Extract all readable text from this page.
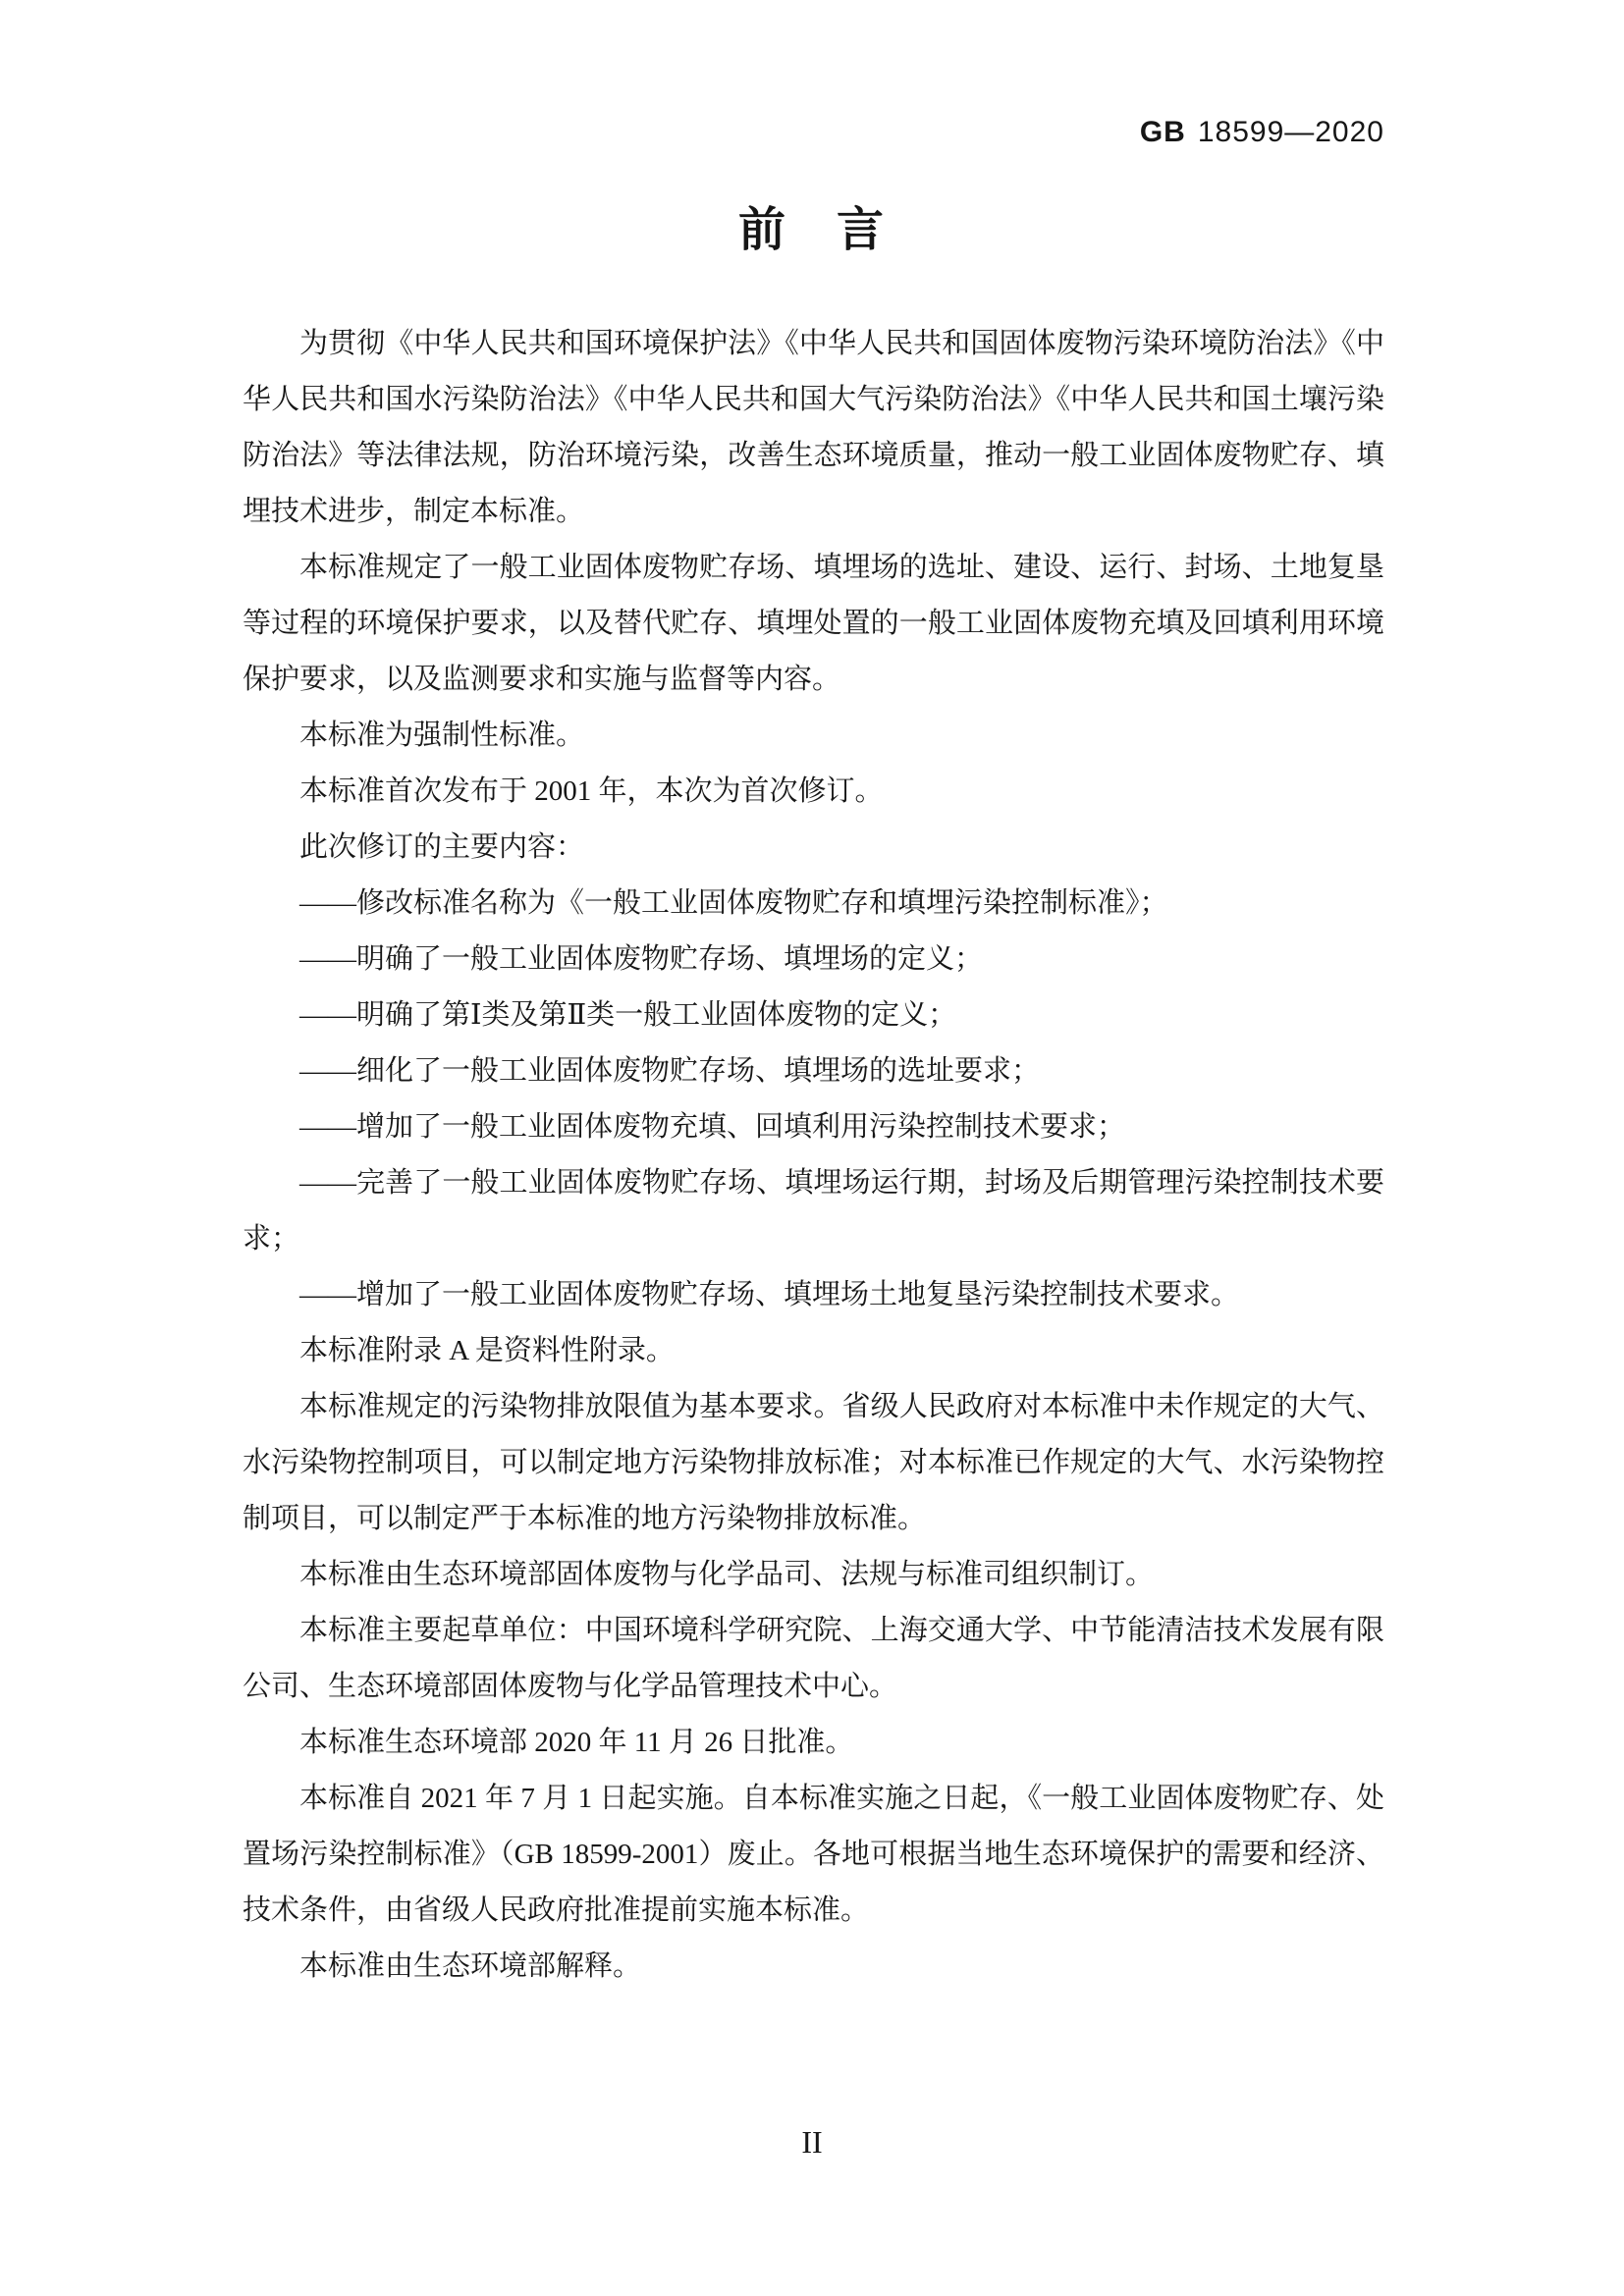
GB 18599—2020
前　言

为贯彻《中华人民共和国环境保护法》《中华人民共和国固体废物污染环境防治法》《中华人民共和国水污染防治法》《中华人民共和国大气污染防治法》《中华人民共和国土壤污染防治法》等法律法规，防治环境污染，改善生态环境质量，推动一般工业固体废物贮存、填埋技术进步，制定本标准。

本标准规定了一般工业固体废物贮存场、填埋场的选址、建设、运行、封场、土地复垦等过程的环境保护要求，以及替代贮存、填埋处置的一般工业固体废物充填及回填利用环境保护要求，以及监测要求和实施与监督等内容。

本标准为强制性标准。

本标准首次发布于 2001 年，本次为首次修订。

此次修订的主要内容：

——修改标准名称为《一般工业固体废物贮存和填埋污染控制标准》；

——明确了一般工业固体废物贮存场、填埋场的定义；

——明确了第Ⅰ类及第Ⅱ类一般工业固体废物的定义；

——细化了一般工业固体废物贮存场、填埋场的选址要求；

——增加了一般工业固体废物充填、回填利用污染控制技术要求；

——完善了一般工业固体废物贮存场、填埋场运行期，封场及后期管理污染控制技术要求；

——增加了一般工业固体废物贮存场、填埋场土地复垦污染控制技术要求。

本标准附录 A 是资料性附录。

本标准规定的污染物排放限值为基本要求。省级人民政府对本标准中未作规定的大气、水污染物控制项目，可以制定地方污染物排放标准；对本标准已作规定的大气、水污染物控制项目，可以制定严于本标准的地方污染物排放标准。

本标准由生态环境部固体废物与化学品司、法规与标准司组织制订。

本标准主要起草单位：中国环境科学研究院、上海交通大学、中节能清洁技术发展有限公司、生态环境部固体废物与化学品管理技术中心。

本标准生态环境部 2020 年 11 月 26 日批准。

本标准自 2021 年 7 月 1 日起实施。自本标准实施之日起，《一般工业固体废物贮存、处置场污染控制标准》（GB 18599-2001）废止。各地可根据当地生态环境保护的需要和经济、技术条件，由省级人民政府批准提前实施本标准。

本标准由生态环境部解释。

II
